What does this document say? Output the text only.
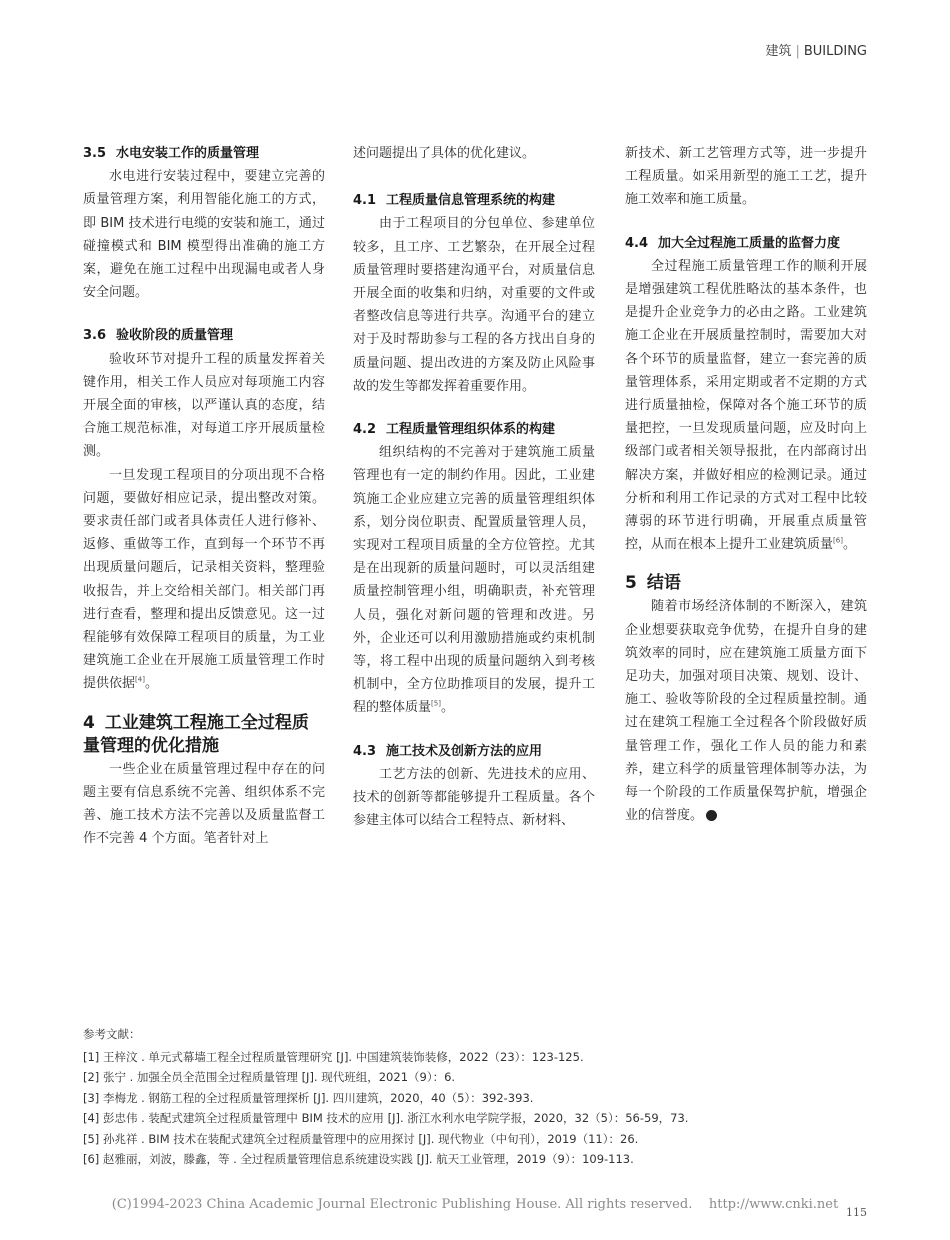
建筑 | BUILDING
3.5 水电安装工作的质量管理

水电进行安装过程中，要建立完善的质量管理方案，利用智能化施工的方式，即 BIM 技术进行电缆的安装和施工，通过碰撞模式和 BIM 模型得出准确的施工方案，避免在施工过程中出现漏电或者人身安全问题。

3.6 验收阶段的质量管理

验收环节对提升工程的质量发挥着关键作用，相关工作人员应对每项施工内容开展全面的审核，以严谨认真的态度，结合施工规范标准，对每道工序开展质量检测。

一旦发现工程项目的分项出现不合格问题，要做好相应记录，提出整改对策。要求责任部门或者具体责任人进行修补、返修、重做等工作，直到每一个环节不再出现质量问题后，记录相关资料，整理验收报告，并上交给相关部门。相关部门再进行查看，整理和提出反馈意见。这一过程能够有效保障工程项目的质量，为工业建筑施工企业在开展施工质量管理工作时提供依据[4]。

4 工业建筑工程施工全过程质量管理的优化措施

一些企业在质量管理过程中存在的问题主要有信息系统不完善、组织体系不完善、施工技术方法不完善以及质量监督工作不完善 4 个方面。笔者针对上

述问题提出了具体的优化建议。

4.1 工程质量信息管理系统的构建

由于工程项目的分包单位、参建单位较多，且工序、工艺繁杂，在开展全过程质量管理时要搭建沟通平台，对质量信息开展全面的收集和归纳，对重要的文件或者整改信息等进行共享。沟通平台的建立对于及时帮助参与工程的各方找出自身的质量问题、提出改进的方案及防止风险事故的发生等都发挥着重要作用。

4.2 工程质量管理组织体系的构建

组织结构的不完善对于建筑施工质量管理也有一定的制约作用。因此，工业建筑施工企业应建立完善的质量管理组织体系，划分岗位职责、配置质量管理人员，实现对工程项目质量的全方位管控。尤其是在出现新的质量问题时，可以灵活组建质量控制管理小组，明确职责，补充管理人员，强化对新问题的管理和改进。另外，企业还可以利用激励措施或约束机制等，将工程中出现的质量问题纳入到考核机制中，全方位助推项目的发展，提升工程的整体质量[5]。

4.3 施工技术及创新方法的应用

工艺方法的创新、先进技术的应用、技术的创新等都能够提升工程质量。各个参建主体可以结合工程特点、新材料、

新技术、新工艺管理方式等，进一步提升工程质量。如采用新型的施工工艺，提升施工效率和施工质量。

4.4 加大全过程施工质量的监督力度

全过程施工质量管理工作的顺利开展是增强建筑工程优胜略汰的基本条件，也是提升企业竞争力的必由之路。工业建筑施工企业在开展质量控制时，需要加大对各个环节的质量监督，建立一套完善的质量管理体系，采用定期或者不定期的方式进行质量抽检，保障对各个施工环节的质量把控，一旦发现质量问题，应及时向上级部门或者相关领导报批，在内部商讨出解决方案，并做好相应的检测记录。通过分析和利用工作记录的方式对工程中比较薄弱的环节进行明确，开展重点质量管控，从而在根本上提升工业建筑质量[6]。

5 结语

随着市场经济体制的不断深入，建筑企业想要获取竞争优势，在提升自身的建筑效率的同时，应在建筑施工质量方面下足功夫，加强对项目决策、规划、设计、施工、验收等阶段的全过程质量控制。通过在建筑工程施工全过程各个阶段做好质量管理工作，强化工作人员的能力和素养，建立科学的质量管理体制等办法，为每一个阶段的工作质量保驾护航，增强企业的信誉度。	k

参考文献：
[1] 王梓汶 . 单元式幕墙工程全过程质量管理研究 [J]. 中国建筑装饰装修，2022（23）：123-125.
[2] 张宁 . 加强全员全范围全过程质量管理 [J]. 现代班组，2021（9）：6.
[3] 李梅龙 . 钢筋工程的全过程质量管理探析 [J]. 四川建筑，2020，40（5）：392-393.
[4] 彭忠伟 . 装配式建筑全过程质量管理中 BIM 技术的应用 [J]. 浙江水利水电学院学报，2020，32（5）：56-59，73.
[5] 孙兆祥 . BIM 技术在装配式建筑全过程质量管理中的应用探讨 [J]. 现代物业（中旬刊），2019（11）：26.
[6] 赵雅丽，刘波，滕鑫，等 . 全过程质量管理信息系统建设实践 [J]. 航天工业管理，2019（9）：109-113.
(C)1994-2023 China Academic Journal Electronic Publishing House. All rights reserved.    http://www.cnki.net
115
